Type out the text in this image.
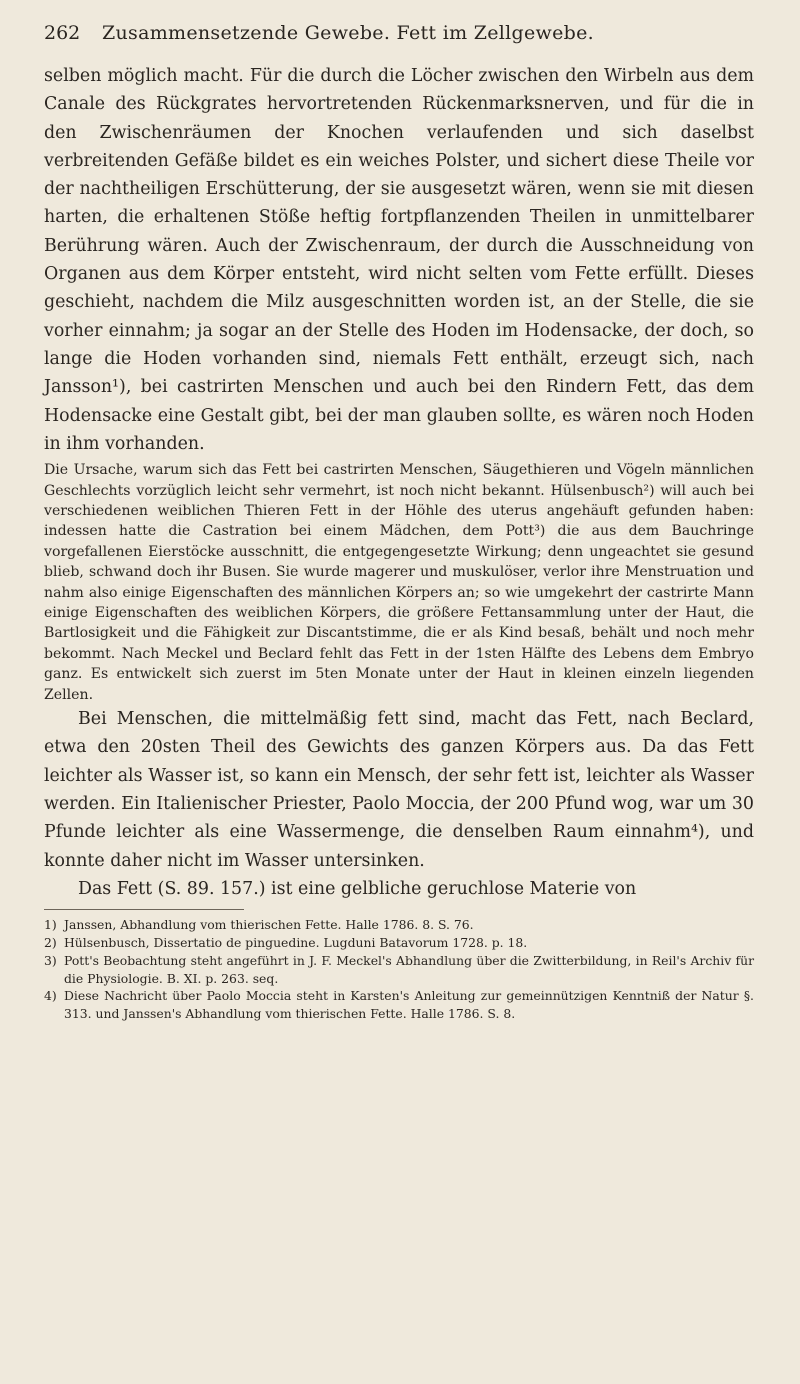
262 Zusammensetzende Gewebe. Fett im Zellgewebe.

selben möglich macht. Für die durch die Löcher zwischen den Wirbeln aus dem Canale des Rückgrates hervortretenden Rückenmarksnerven, und für die in den Zwischenräumen der Knochen verlaufenden und sich daselbst verbreitenden Gefäße bildet es ein weiches Polster, und sichert diese Theile vor der nachtheiligen Erschütterung, der sie ausgesetzt wären, wenn sie mit diesen harten, die erhaltenen Stöße heftig fortpflanzenden Theilen in unmittelbarer Berührung wären. Auch der Zwischenraum, der durch die Ausschneidung von Organen aus dem Körper entsteht, wird nicht selten vom Fette erfüllt. Dieses geschieht, nachdem die Milz ausgeschnitten worden ist, an der Stelle, die sie vorher einnahm; ja sogar an der Stelle des Hoden im Hodensacke, der doch, so lange die Hoden vorhanden sind, niemals Fett enthält, erzeugt sich, nach Jansson¹), bei castrirten Menschen und auch bei den Rindern Fett, das dem Hodensacke eine Gestalt gibt, bei der man glauben sollte, es wären noch Hoden in ihm vorhanden.

Die Ursache, warum sich das Fett bei castrirten Menschen, Säugethieren und Vögeln männlichen Geschlechts vorzüglich leicht sehr vermehrt, ist noch nicht bekannt. Hülsenbusch²) will auch bei verschiedenen weiblichen Thieren Fett in der Höhle des uterus angehäuft gefunden haben: indessen hatte die Castration bei einem Mädchen, dem Pott³) die aus dem Bauchringe vorgefallenen Eierstöcke ausschnitt, die entgegengesetzte Wirkung; denn ungeachtet sie gesund blieb, schwand doch ihr Busen. Sie wurde magerer und muskulöser, verlor ihre Menstruation und nahm also einige Eigenschaften des männlichen Körpers an; so wie umgekehrt der castrirte Mann einige Eigenschaften des weiblichen Körpers, die größere Fettansammlung unter der Haut, die Bartlosigkeit und die Fähigkeit zur Discantstimme, die er als Kind besaß, behält und noch mehr bekommt. Nach Meckel und Beclard fehlt das Fett in der 1sten Hälfte des Lebens dem Embryo ganz. Es entwickelt sich zuerst im 5ten Monate unter der Haut in kleinen einzeln liegenden Zellen.

Bei Menschen, die mittelmäßig fett sind, macht das Fett, nach Beclard, etwa den 20sten Theil des Gewichts des ganzen Körpers aus. Da das Fett leichter als Wasser ist, so kann ein Mensch, der sehr fett ist, leichter als Wasser werden. Ein Italienischer Priester, Paolo Moccia, der 200 Pfund wog, war um 30 Pfunde leichter als eine Wassermenge, die denselben Raum einnahm⁴), und konnte daher nicht im Wasser untersinken.

Das Fett (S. 89. 157.) ist eine gelbliche geruchlose Materie von

1) Janssen, Abhandlung vom thierischen Fette. Halle 1786. 8. S. 76.

2) Hülsenbusch, Dissertatio de pinguedine. Lugduni Batavorum 1728. p. 18.

3) Pott's Beobachtung steht angeführt in J. F. Meckel's Abhandlung über die Zwitterbildung, in Reil's Archiv für die Physiologie. B. XI. p. 263. seq.

4) Diese Nachricht über Paolo Moccia steht in Karsten's Anleitung zur gemeinnützigen Kenntniß der Natur §. 313. und Janssen's Abhandlung vom thierischen Fette. Halle 1786. S. 8.
